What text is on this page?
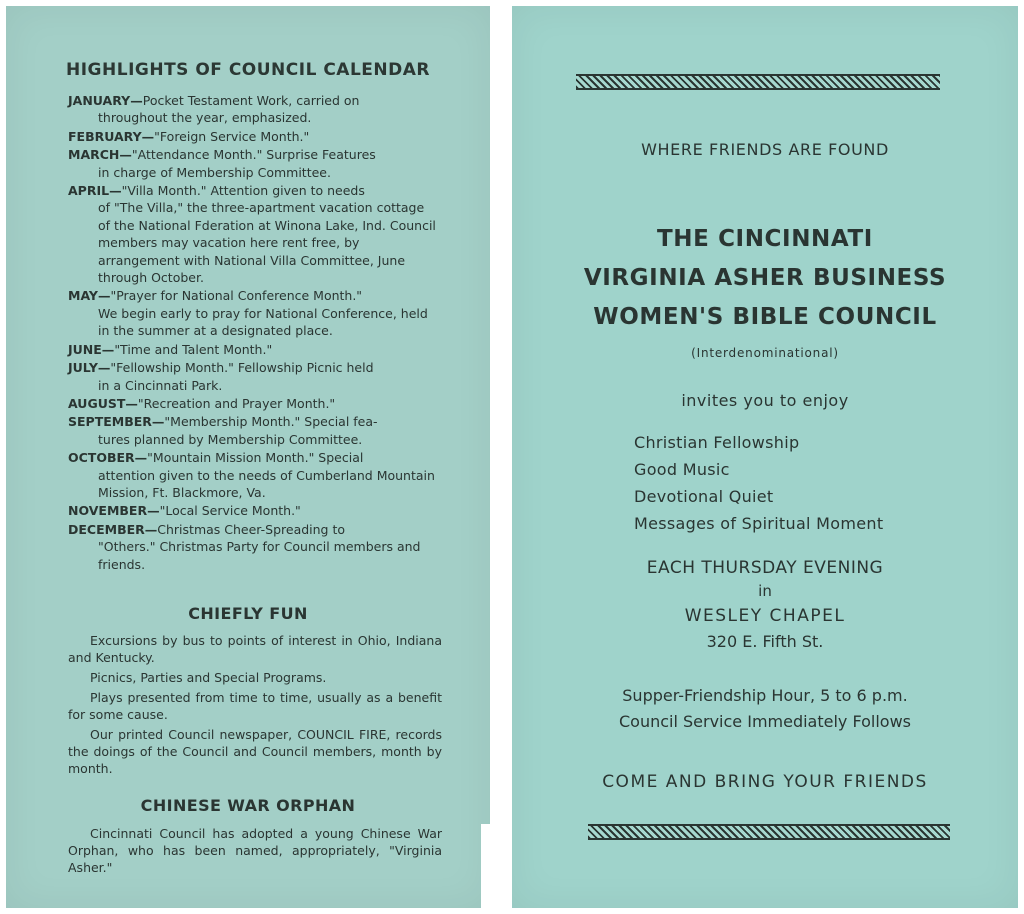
HIGHLIGHTS OF COUNCIL CALENDAR
JANUARY—Pocket Testament Work, carried on
throughout the year, emphasized.
FEBRUARY—"Foreign Service Month."
MARCH—"Attendance Month." Surprise Features
in charge of Membership Committee.
APRIL—"Villa Month." Attention given to needs
of "The Villa," the three-apartment vacation cottage of the National Fderation at Winona Lake, Ind. Council members may vacation here rent free, by arrangement with National Villa Committee, June through October.
MAY—"Prayer for National Conference Month."
We begin early to pray for National Conference, held in the summer at a designated place.
JUNE—"Time and Talent Month."
JULY—"Fellowship Month." Fellowship Picnic held
in a Cincinnati Park.
AUGUST—"Recreation and Prayer Month."
SEPTEMBER—"Membership Month." Special fea-
tures planned by Membership Committee.
OCTOBER—"Mountain Mission Month." Special
attention given to the needs of Cumberland Mountain Mission, Ft. Blackmore, Va.
NOVEMBER—"Local Service Month."
DECEMBER—Christmas Cheer-Spreading to
"Others." Christmas Party for Council members and friends.
CHIEFLY FUN

Excursions by bus to points of interest in Ohio, Indiana and Kentucky.

Picnics, Parties and Special Programs.

Plays presented from time to time, usually as a benefit for some cause.

Our printed Council newspaper, COUNCIL FIRE, records the doings of the Council and Council members, month by month.

CHINESE WAR ORPHAN

Cincinnati Council has adopted a young Chinese War Orphan, who has been named, appropriately, "Virginia Asher."

WHERE FRIENDS ARE FOUND
THE CINCINNATI
VIRGINIA ASHER BUSINESS
WOMEN'S BIBLE COUNCIL
(Interdenominational)
invites you to enjoy
Christian Fellowship
Good Music
Devotional Quiet
Messages of Spiritual Moment
EACH THURSDAY EVENING
in
WESLEY CHAPEL
320 E. Fifth St.
Supper-Friendship Hour, 5 to 6 p.m.
Council Service Immediately Follows
COME AND BRING YOUR FRIENDS
